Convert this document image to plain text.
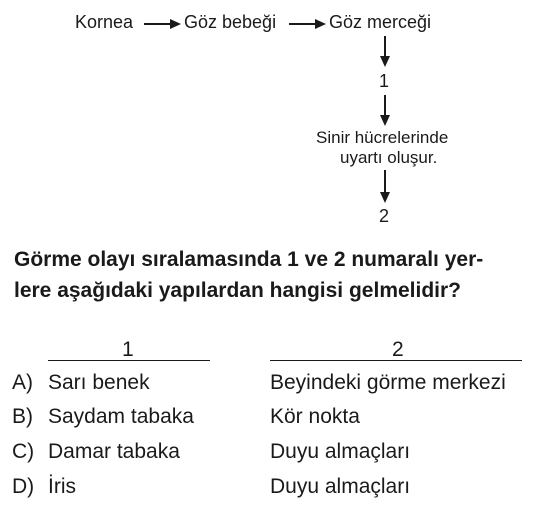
Kornea	Göz bebeği	Göz merceği
1
Sinir hücrelerinde
uyartı oluşur.
2
Görme olayı sıralamasında 1 ve 2 numaralı yer-
lere aşağıdaki yapılardan hangisi gelmelidir?
1	2
A) Sarı benek	Beyindeki görme merkezi
B) Saydam tabaka	Kör nokta
C) Damar tabaka	Duyu almaçları
D) İris	Duyu almaçları
